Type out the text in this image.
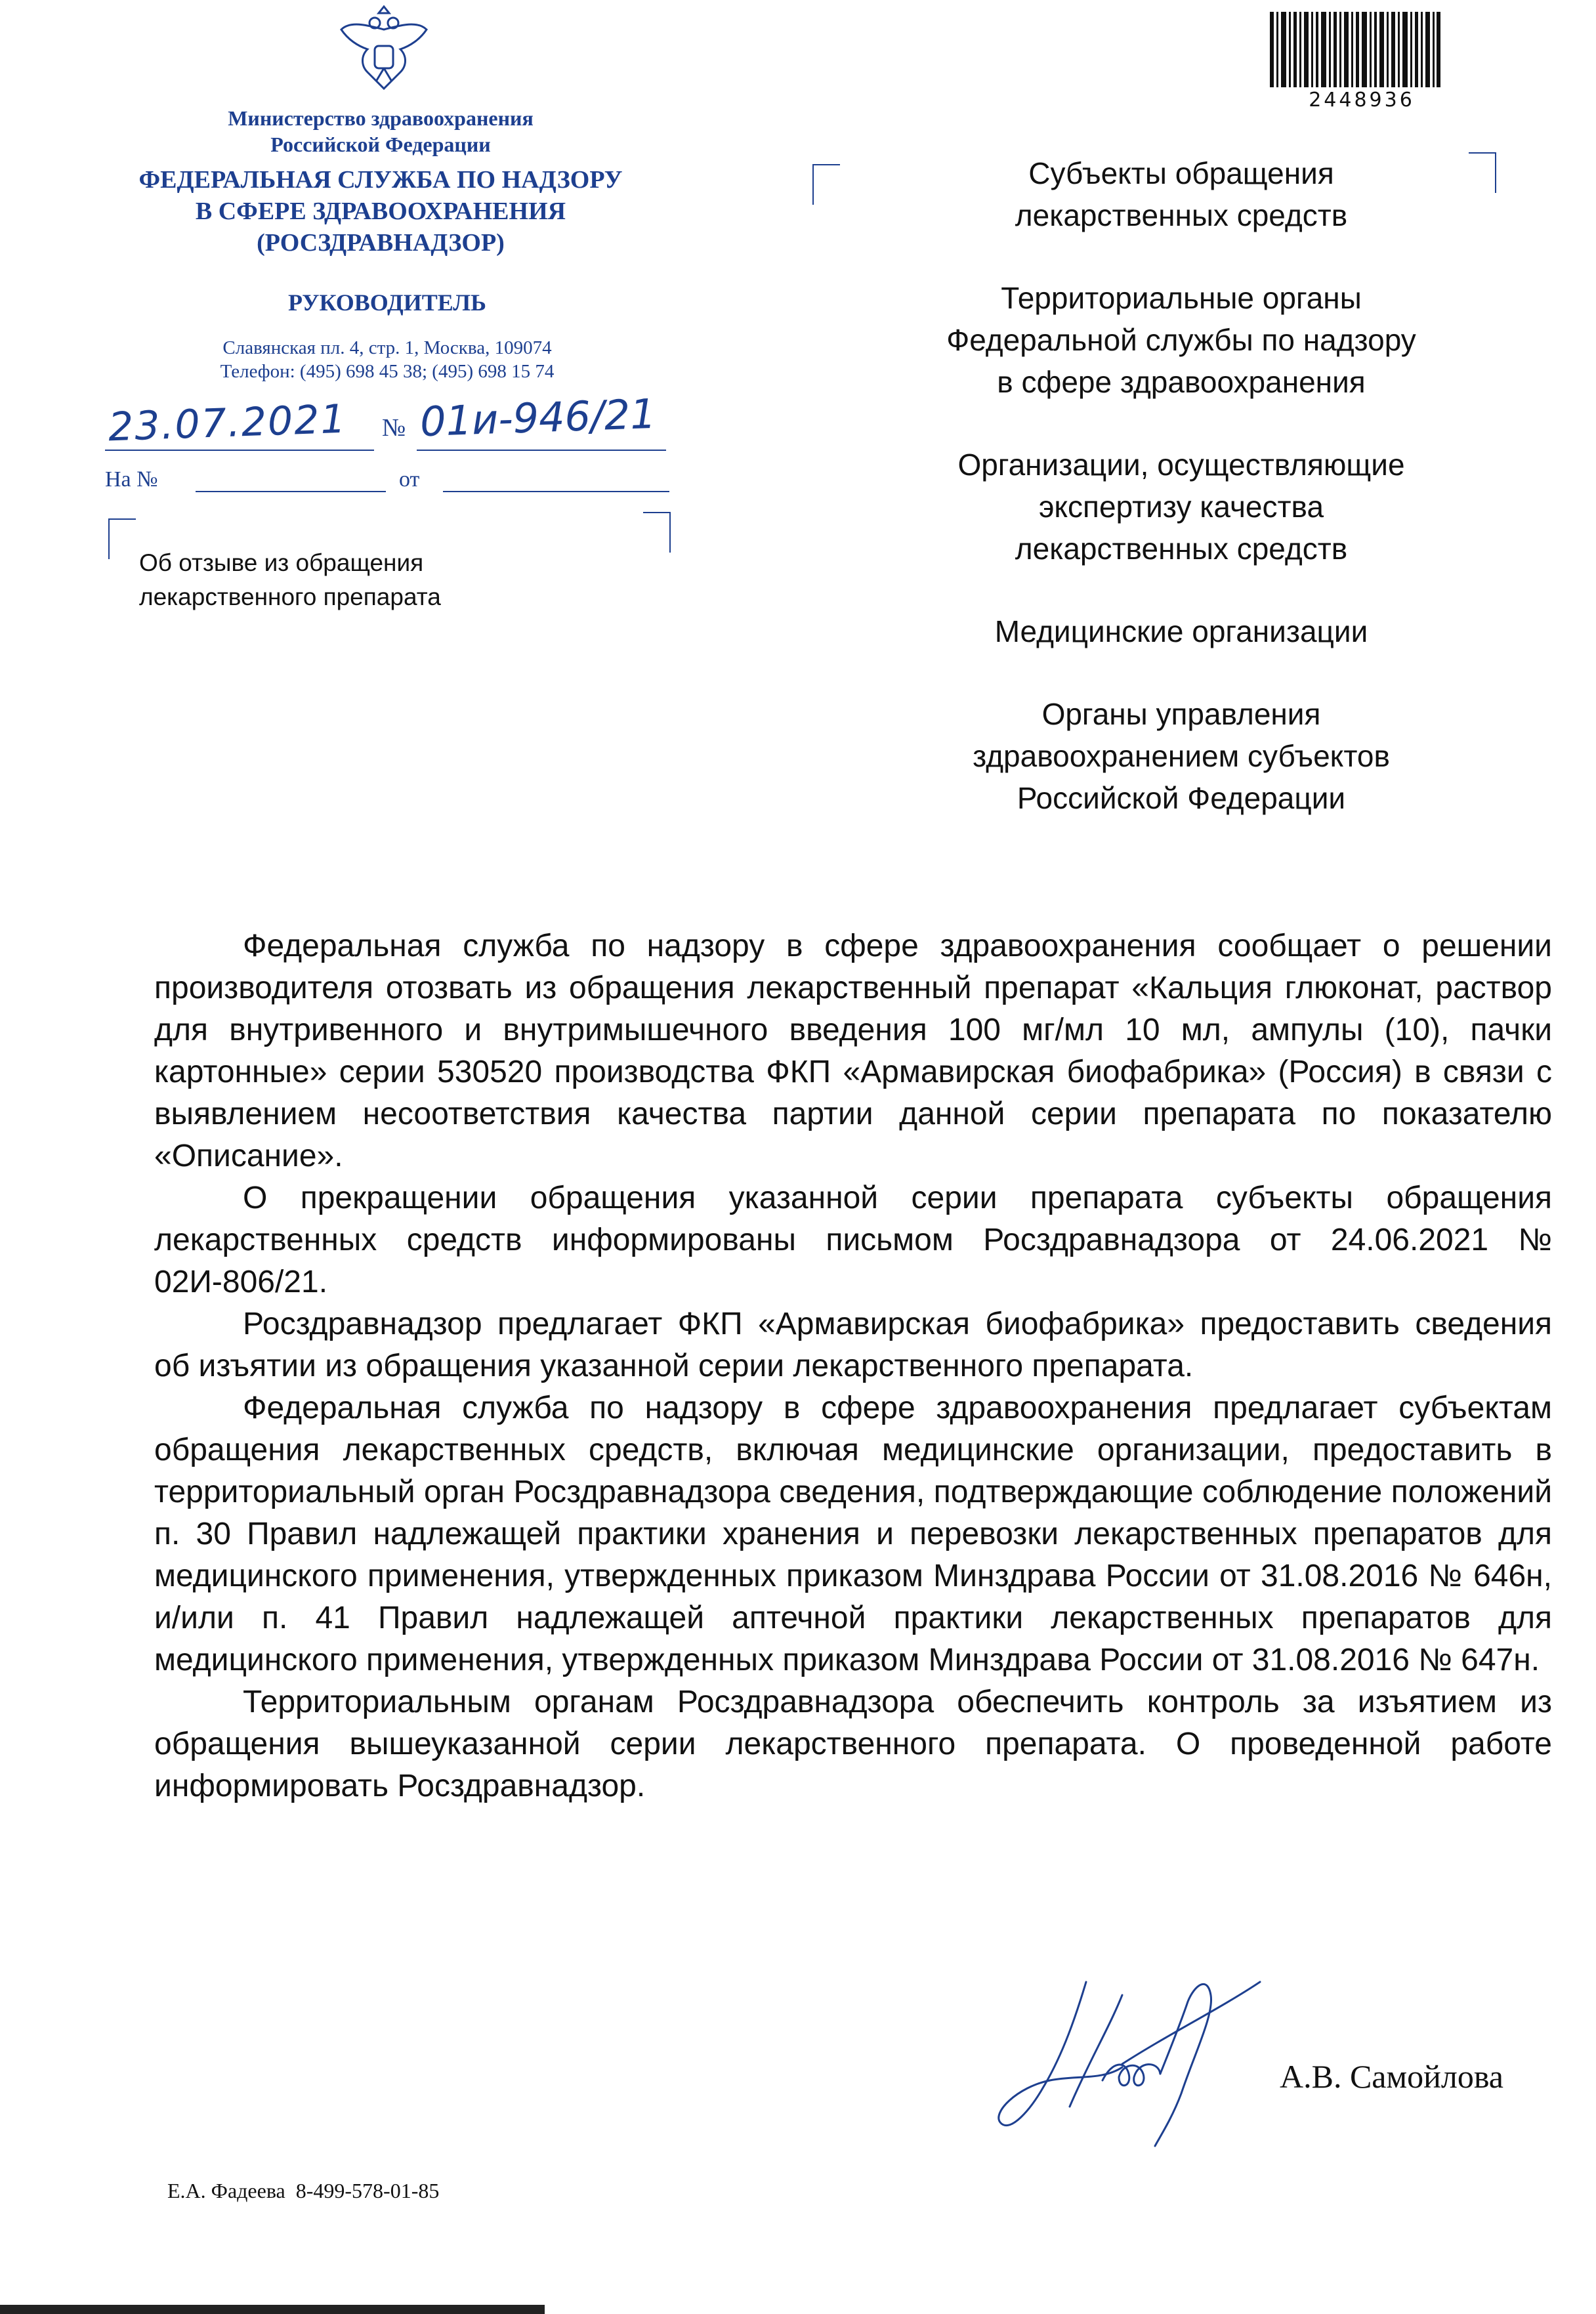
Министерство здравоохранения
Российской Федерации
ФЕДЕРАЛЬНАЯ СЛУЖБА ПО НАДЗОРУ
В СФЕРЕ ЗДРАВООХРАНЕНИЯ
(РОСЗДРАВНАДЗОР)
РУКОВОДИТЕЛЬ
Славянская пл. 4, стр. 1, Москва, 109074
Телефон: (495) 698 45 38; (495) 698 15 74
23.07.2021 № 01и-946/21
На №	от
Об отзыве из обращения
лекарственного препарата
2448936
Субъекты обращения
лекарственных средств
Территориальные органы
Федеральной службы по надзору
в сфере здравоохранения
Организации, осуществляющие
экспертизу качества
лекарственных средств
Медицинские организации
Органы управления
здравоохранением субъектов
Российской Федерации

Федеральная служба по надзору в сфере здравоохранения сообщает о решении производителя отозвать из обращения лекарственный препарат «Кальция глюконат, раствор для внутривенного и внутримышечного введения 100 мг/мл 10 мл, ампулы (10), пачки картонные» серии 530520 производства ФКП «Армавирская биофабрика» (Россия) в связи с выявлением несоответствия качества партии данной серии препарата по показателю «Описание».

О прекращении обращения указанной серии препарата субъекты обращения лекарственных средств информированы письмом Росздравнадзора от 24.06.2021 № 02И-806/21.

Росздравнадзор предлагает ФКП «Армавирская биофабрика» предоставить сведения об изъятии из обращения указанной серии лекарственного препарата.

Федеральная служба по надзору в сфере здравоохранения предлагает субъектам обращения лекарственных средств, включая медицинские организации, предоставить в территориальный орган Росздравнадзора сведения, подтверждающие соблюдение положений п. 30 Правил надлежащей практики хранения и перевозки лекарственных препаратов для медицинского применения, утвержденных приказом Минздрава России от 31.08.2016 № 646н, и/или п. 41 Правил надлежащей аптечной практики лекарственных препаратов для медицинского применения, утвержденных приказом Минздрава России от 31.08.2016 № 647н.

Территориальным органам Росздравнадзора обеспечить контроль за изъятием из обращения вышеуказанной серии лекарственного препарата. О проведенной работе информировать Росздравнадзор.

А.В. Самойлова
Е.А. Фадеева  8-499-578-01-85
